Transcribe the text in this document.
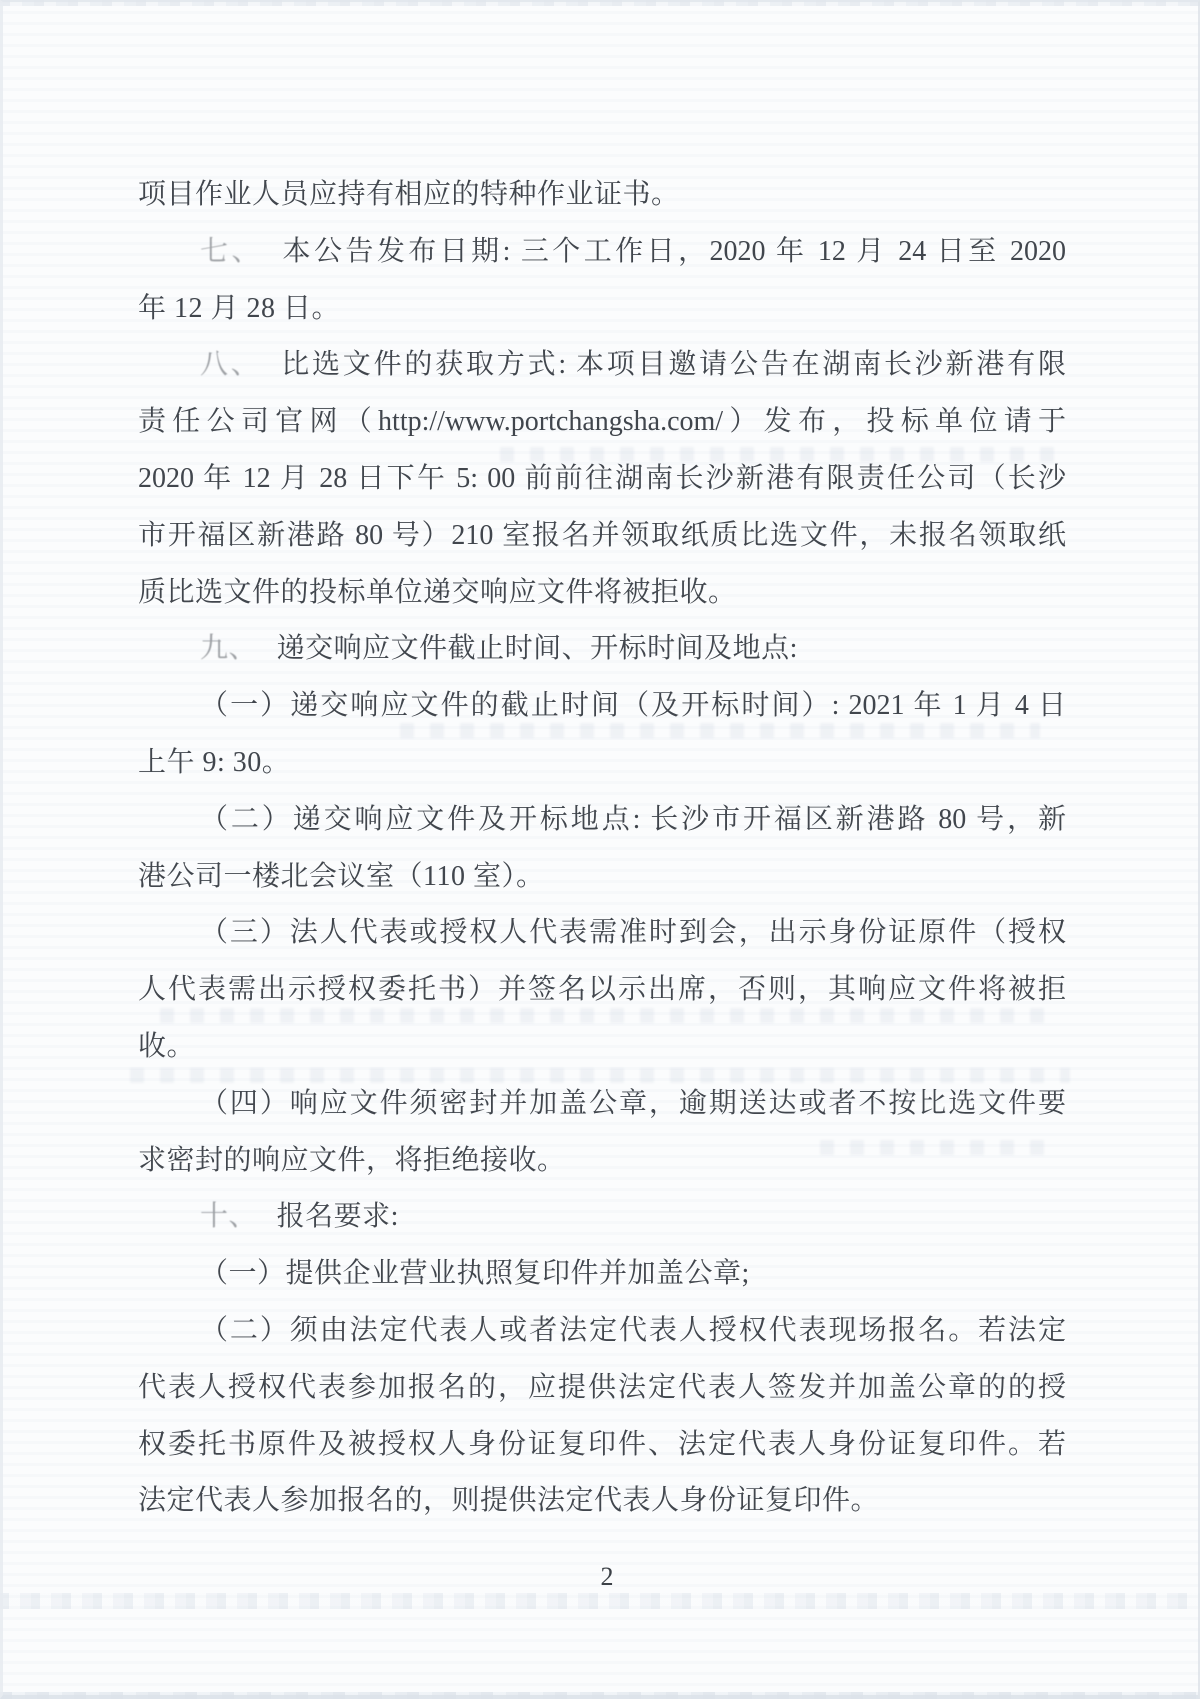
项目作业人员应持有相应的特种作业证书。
七、 本公告发布日期: 三个工作日，2020 年 12 月 24 日至 2020
年 12 月 28 日。
八、 比选文件的获取方式: 本项目邀请公告在湖南长沙新港有限
责任公司官网（http://www.portchangsha.com/）发布，投标单位请于
2020 年 12 月 28 日下午 5: 00 前前往湖南长沙新港有限责任公司（长沙
市开福区新港路 80 号）210 室报名并领取纸质比选文件，未报名领取纸
质比选文件的投标单位递交响应文件将被拒收。
九、 递交响应文件截止时间、开标时间及地点:
（一）递交响应文件的截止时间（及开标时间）: 2021 年 1 月 4 日
上午 9: 30。
（二）递交响应文件及开标地点: 长沙市开福区新港路 80 号，新
港公司一楼北会议室（110 室）。
（三）法人代表或授权人代表需准时到会，出示身份证原件（授权
人代表需出示授权委托书）并签名以示出席，否则，其响应文件将被拒
收。
（四）响应文件须密封并加盖公章，逾期送达或者不按比选文件要
求密封的响应文件，将拒绝接收。
十、 报名要求:
（一）提供企业营业执照复印件并加盖公章;
（二）须由法定代表人或者法定代表人授权代表现场报名。若法定
代表人授权代表参加报名的，应提供法定代表人签发并加盖公章的的授
权委托书原件及被授权人身份证复印件、法定代表人身份证复印件。若
法定代表人参加报名的，则提供法定代表人身份证复印件。
2
